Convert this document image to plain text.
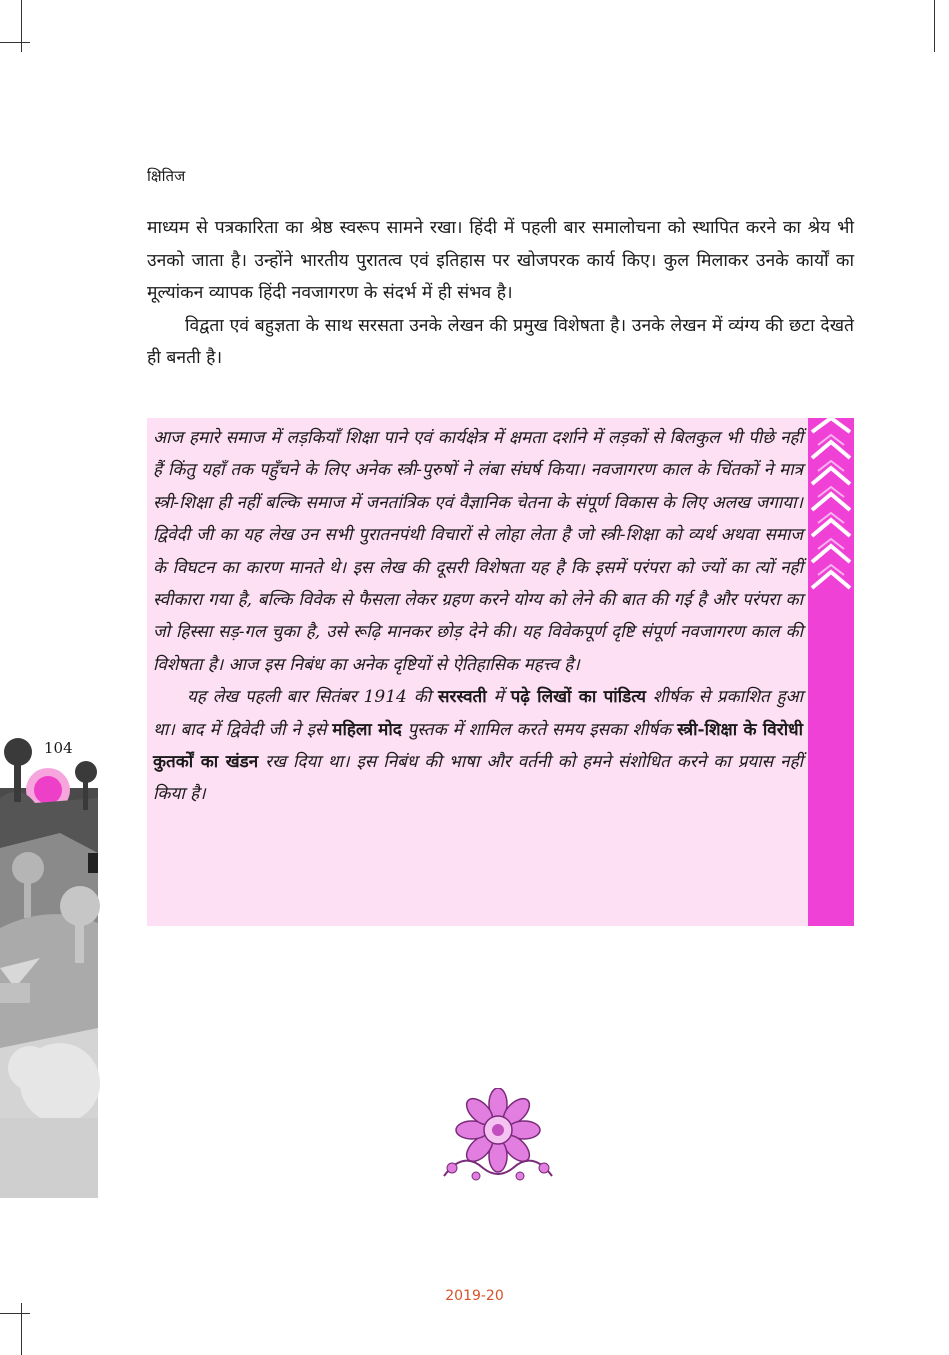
क्षितिज

माध्यम से पत्रकारिता का श्रेष्ठ स्वरूप सामने रखा। हिंदी में पहली बार समालोचना को स्थापित करने का श्रेय भी उनको जाता है। उन्होंने भारतीय पुरातत्व एवं इतिहास पर खोजपरक कार्य किए। कुल मिलाकर उनके कार्यों का मूल्यांकन व्यापक हिंदी नवजागरण के संदर्भ में ही संभव है।

विद्वता एवं बहुज्ञता के साथ सरसता उनके लेखन की प्रमुख विशेषता है। उनके लेखन में व्यंग्य की छटा देखते ही बनती है।

आज हमारे समाज में लड़कियाँ शिक्षा पाने एवं कार्यक्षेत्र में क्षमता दर्शाने में लड़कों से बिलकुल भी पीछे नहीं हैं किंतु यहाँ तक पहुँचने के लिए अनेक स्त्री-पुरुषों ने लंबा संघर्ष किया। नवजागरण काल के चिंतकों ने मात्र स्त्री-शिक्षा ही नहीं बल्कि समाज में जनतांत्रिक एवं वैज्ञानिक चेतना के संपूर्ण विकास के लिए अलख जगाया। द्विवेदी जी का यह लेख उन सभी पुरातनपंथी विचारों से लोहा लेता है जो स्त्री-शिक्षा को व्यर्थ अथवा समाज के विघटन का कारण मानते थे। इस लेख की दूसरी विशेषता यह है कि इसमें परंपरा को ज्यों का त्यों नहीं स्वीकारा गया है, बल्कि विवेक से फैसला लेकर ग्रहण करने योग्य को लेने की बात की गई है और परंपरा का जो हिस्सा सड़-गल चुका है, उसे रूढ़ि मानकर छोड़ देने की। यह विवेकपूर्ण दृष्टि संपूर्ण नवजागरण काल की विशेषता है। आज इस निबंध का अनेक दृष्टियों से ऐतिहासिक महत्त्व है।

यह लेख पहली बार सितंबर 1914 की सरस्वती में पढ़े लिखों का पांडित्य शीर्षक से प्रकाशित हुआ था। बाद में द्विवेदी जी ने इसे महिला मोद पुस्तक में शामिल करते समय इसका शीर्षक स्त्री-शिक्षा के विरोधी कुतर्कों का खंडन रख दिया था। इस निबंध की भाषा और वर्तनी को हमने संशोधित करने का प्रयास नहीं किया है।

104
2019-20
